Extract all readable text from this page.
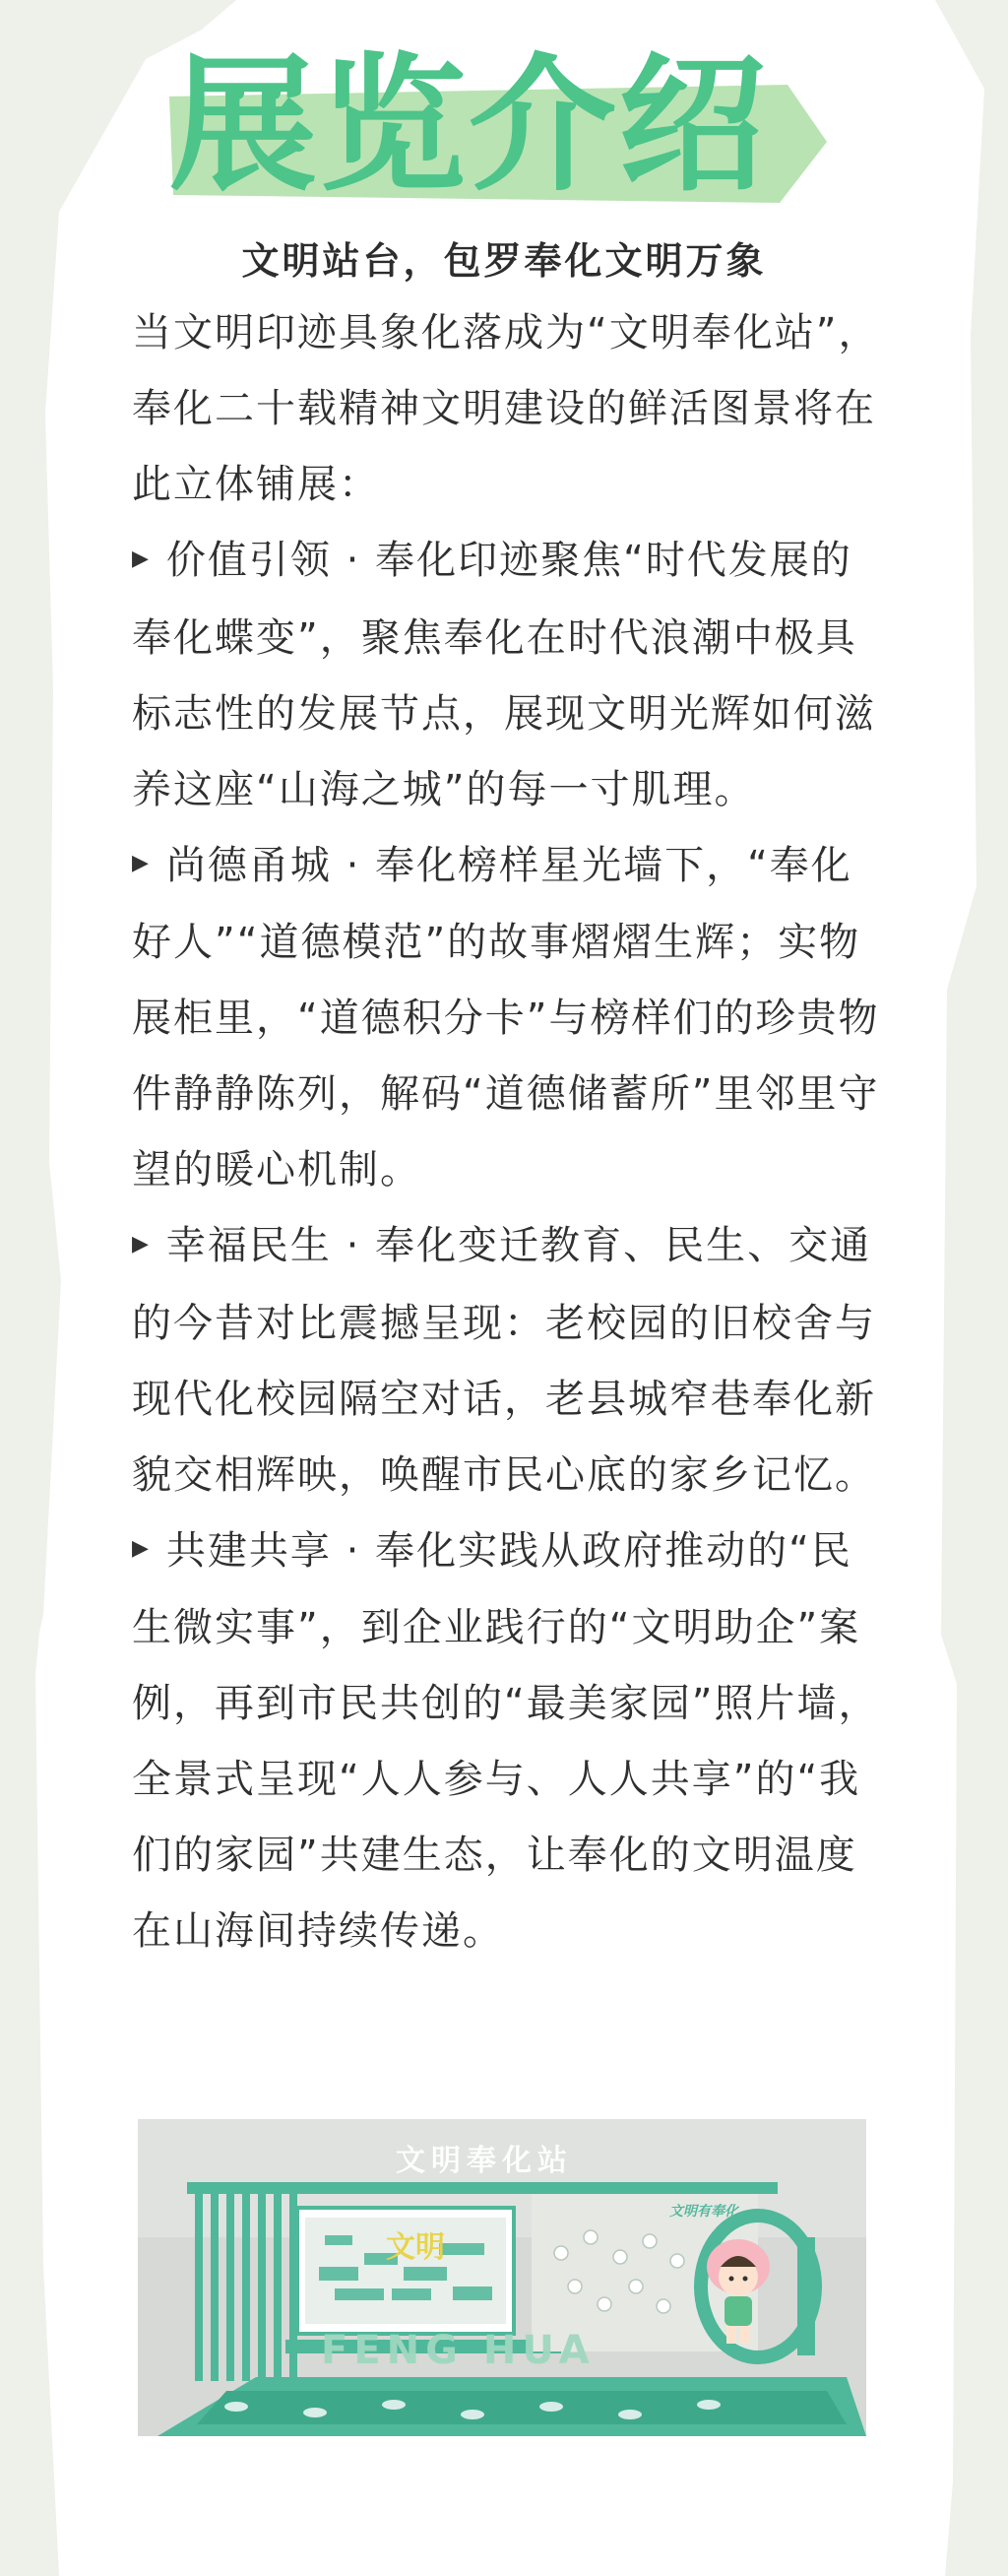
展览介绍
文明站台，包罗奉化文明万象
当文明印迹具象化落成为“文明奉化站”，奉化二十载精神文明建设的鲜活图景将在此立体铺展：
▶ 价值引领 · 奉化印迹聚焦“时代发展的奉化蝶变”，聚焦奉化在时代浪潮中极具标志性的发展节点，展现文明光辉如何滋养这座“山海之城”的每一寸肌理。
▶ 尚德甬城 · 奉化榜样星光墙下，“奉化好人”“道德模范”的故事熠熠生辉；实物展柜里，“道德积分卡”与榜样们的珍贵物件静静陈列，解码“道德储蓄所”里邻里守望的暖心机制。
▶ 幸福民生 · 奉化变迁教育、民生、交通的今昔对比震撼呈现：老校园的旧校舍与现代化校园隔空对话，老县城窄巷奉化新貌交相辉映，唤醒市民心底的家乡记忆。
▶ 共建共享 · 奉化实践从政府推动的“民生微实事”，到企业践行的“文明助企”案例，再到市民共创的“最美家园”照片墙，全景式呈现“人人参与、人人共享”的“我们的家园”共建生态，让奉化的文明温度在山海间持续传递。
文明奉化站
文明
文明有奉化
FENG HUA
